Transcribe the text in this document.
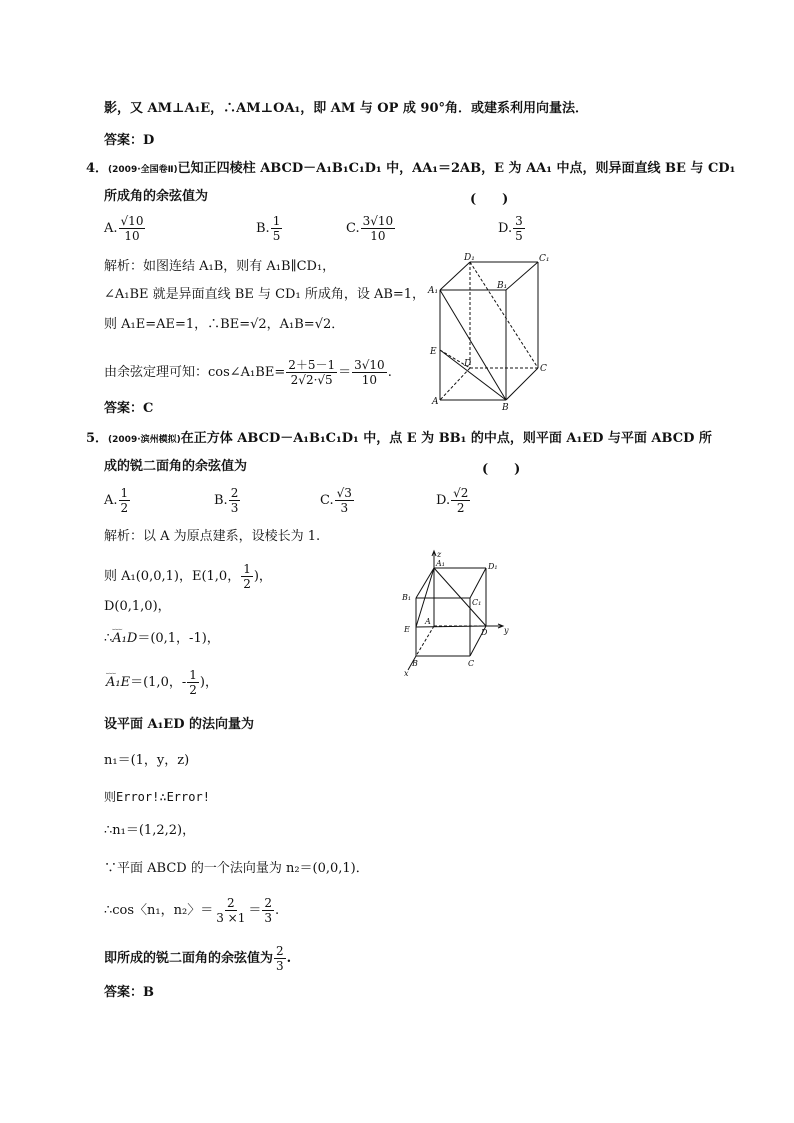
影，又 AM⊥A₁E，∴AM⊥OA₁，即 AM 与 OP 成 90°角．或建系利用向量法．
答案：D
4．(2009·全国卷Ⅱ)已知正四棱柱 ABCD－A₁B₁C₁D₁ 中，AA₁＝2AB，E 为 AA₁ 中点，则异面直线 BE 与 CD₁
所成角的余弦值为	(　　)
A. $\frac{√10}{10}$	B. $\frac{1}{5}$	C. $\frac{3√10}{10}$	D. $\frac{3}{5}$
解析：如图连结 A₁B，则有 A₁B∥CD₁，
∠A₁BE 就是异面直线 BE 与 CD₁ 所成角，设 AB=1，
则 A₁E=AE=1，∴BE=√2，A₁B=√2．
由余弦定理可知：cos∠A₁BE= $\frac{2+5-1}{2√2\cdot√5} = \frac{3√10}{10}$ .
答案：C
D₁	C₁
A₁	B₁
E
D	C
A
B
5．(2009·滨州模拟)在正方体 ABCD－A₁B₁C₁D₁ 中，点 E 为 BB₁ 的中点，则平面 A₁ED 与平面 ABCD 所
成的锐二面角的余弦值为	(　　)
A. $\frac{1}{2}$	B. $\frac{2}{3}$	C. $\frac{√3}{3}$	D. $\frac{√2}{2}$
解析：以 A 为原点建系，设棱长为 1.
则 A₁(0,0,1)，E(1,0， $\frac{1}{2}$ )，
D(0,1,0)，
∴﹏ A₁D＝(0,1，-1)，
﹏ A₁E＝(1,0，- $\frac{1}{2}$ )，
设平面 A₁ED 的法向量为
n₁＝(1，y，z)
则Error!∴Error!
∴n₁＝(1,2,2)，
∵平面 ABCD 的一个法向量为 n₂＝(0,0,1)．
∴cos〈n₁，n₂〉＝ $\frac{2}{3 \times 1} = \frac{2}{3}$ .
即所成的锐二面角的余弦值为 $\frac{2}{3}$ .
答案：B
z
A₁	D₁
B₁
C₁
E
A
D y
B	C
x
